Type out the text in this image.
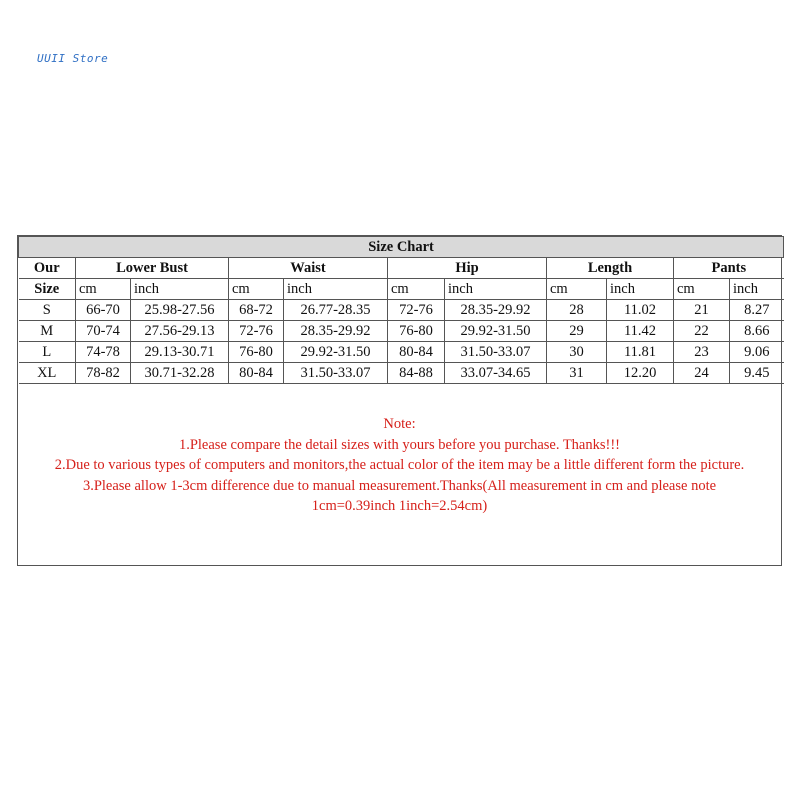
UUII Store
Size Chart										
Our	Lower Bust		Waist		Hip		Length		Pants	
Size	cm	inch	cm	inch	cm	inch	cm	inch	cm	inch
S	66-70	25.98-27.56	68-72	26.77-28.35	72-76	28.35-29.92	28	11.02	21	8.27
M	70-74	27.56-29.13	72-76	28.35-29.92	76-80	29.92-31.50	29	11.42	22	8.66
L	74-78	29.13-30.71	76-80	29.92-31.50	80-84	31.50-33.07	30	11.81	23	9.06
XL	78-82	30.71-32.28	80-84	31.50-33.07	84-88	33.07-34.65	31	12.20	24	9.45
Note:
1.Please compare the detail sizes with yours before you purchase. Thanks!!!
2.Due to various types of computers and monitors,the actual color of the item may be a little different form the picture.
3.Please allow 1-3cm difference due to manual measurement.Thanks(All measurement in cm and please note 1cm=0.39inch 1inch=2.54cm)
